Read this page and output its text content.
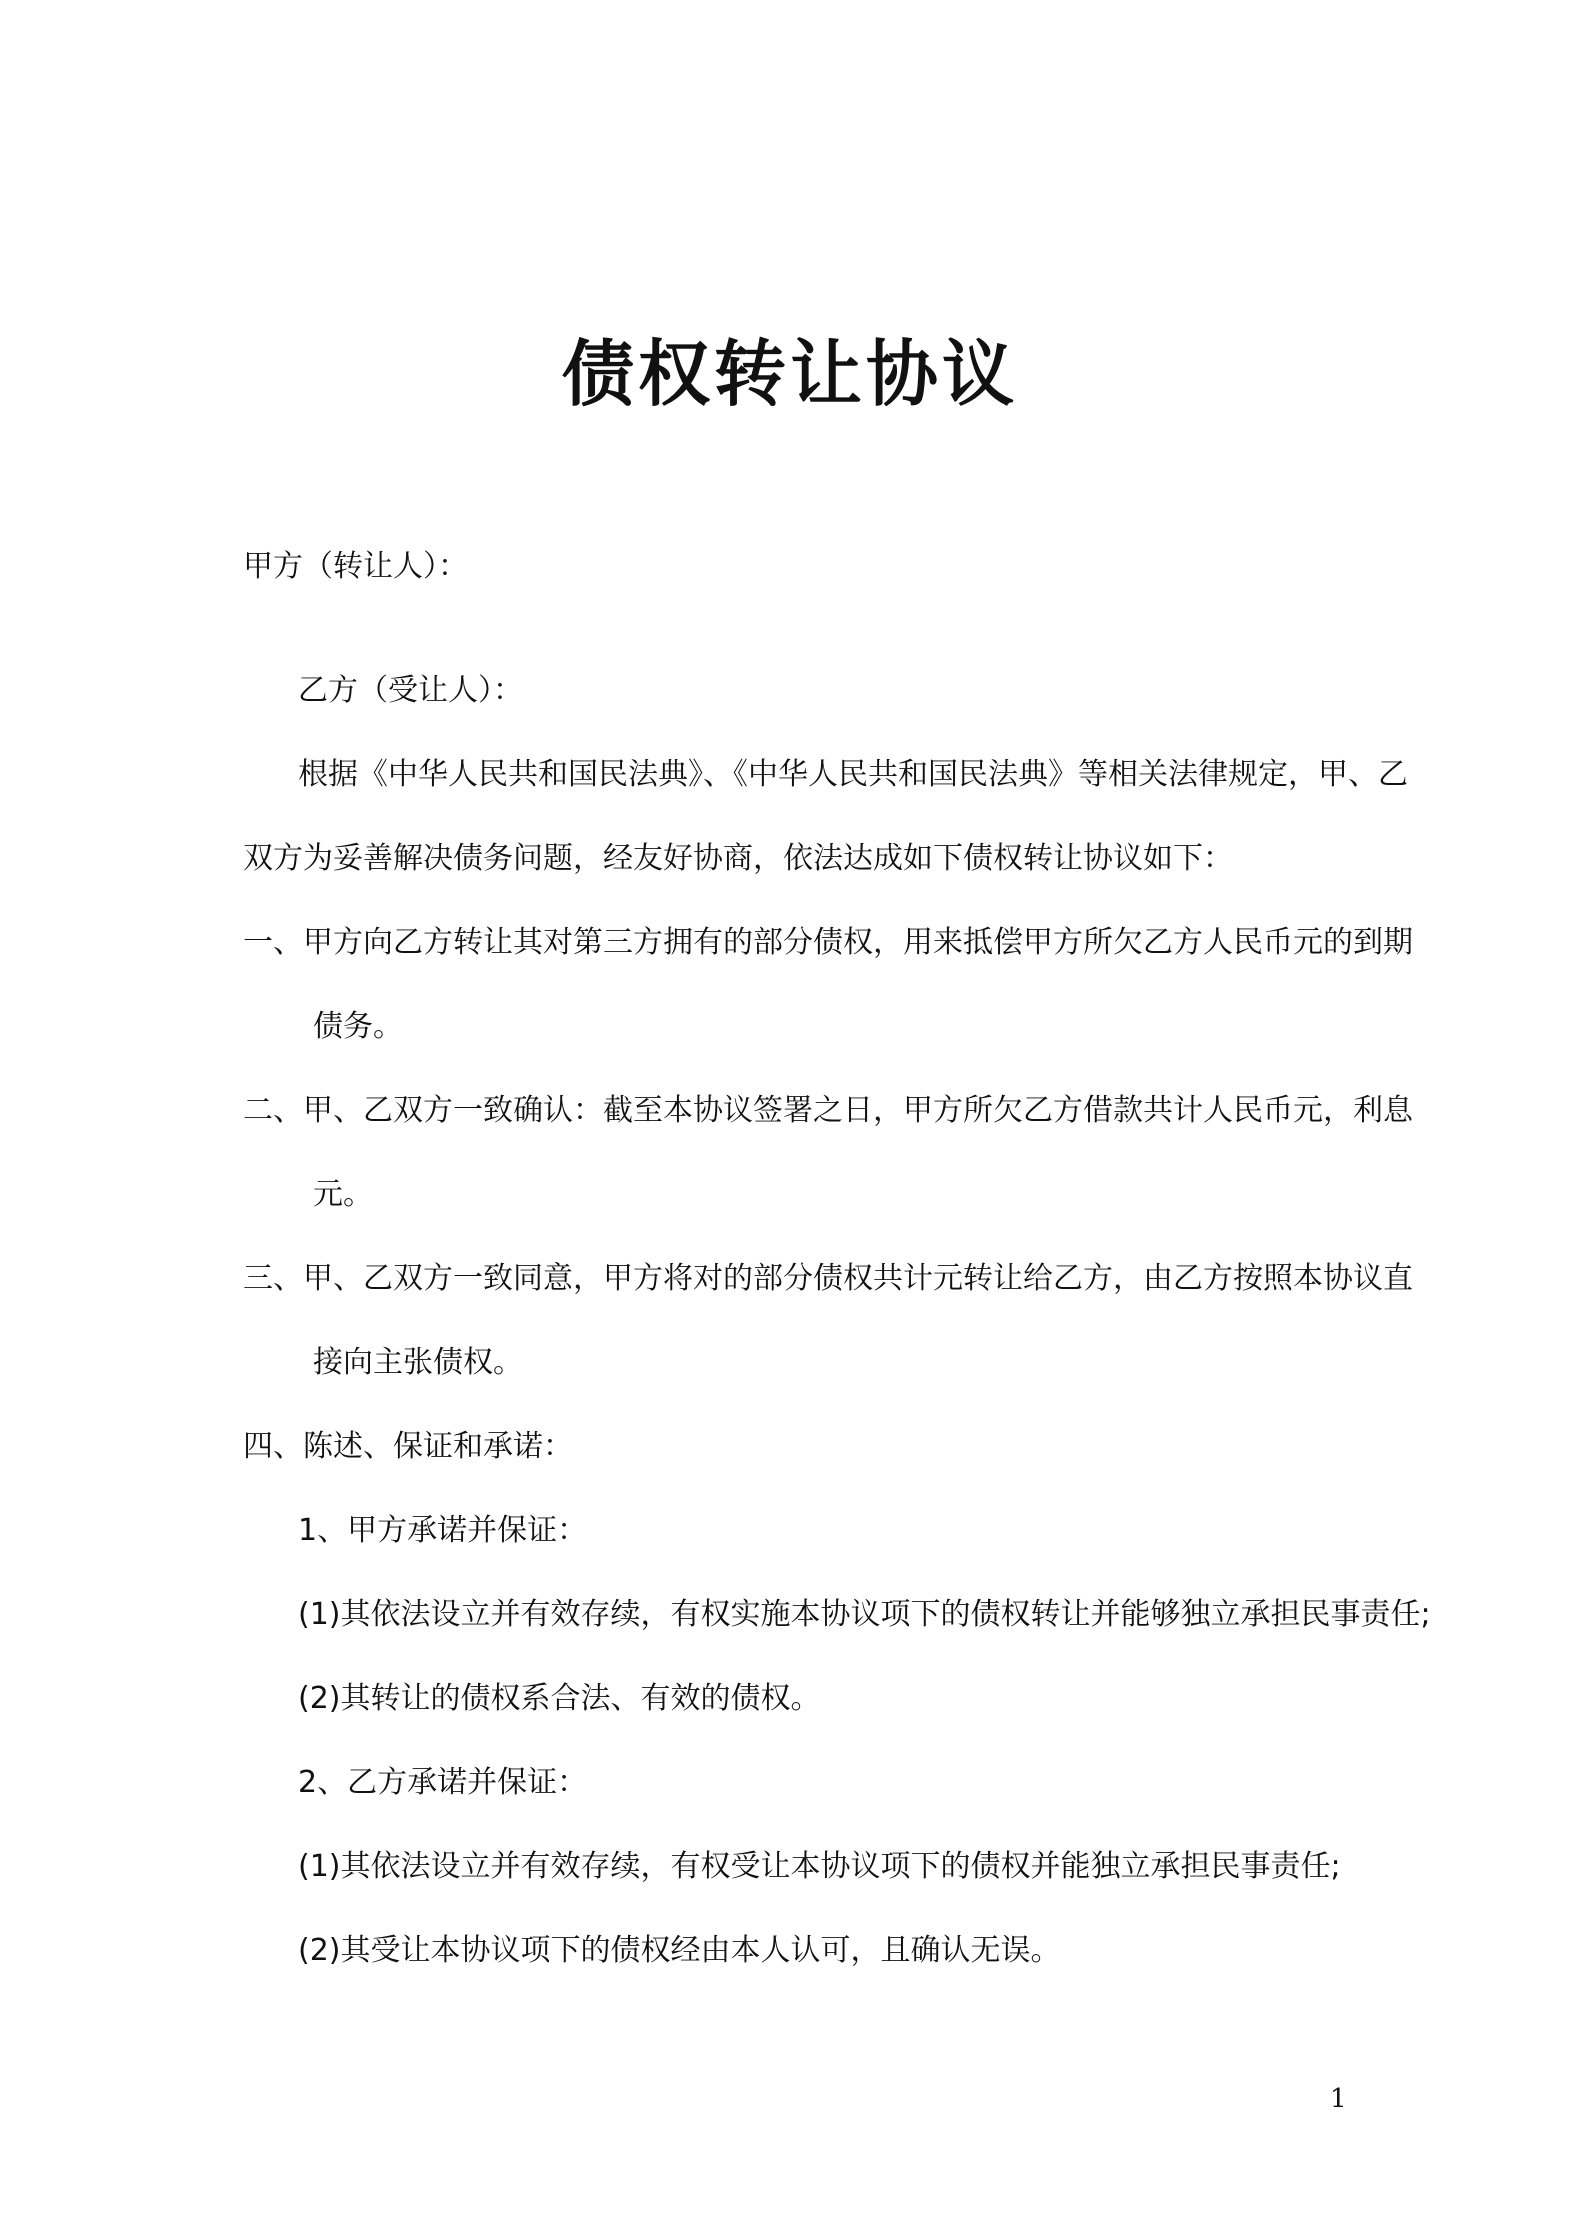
债权转让协议
甲方（转让人）：
乙方（受让人）：
根据《中华人民共和国民法典》、《中华人民共和国民法典》等相关法律规定，甲、乙
双方为妥善解决债务问题，经友好协商，依法达成如下债权转让协议如下：
一、甲方向乙方转让其对第三方拥有的部分债权，用来抵偿甲方所欠乙方人民币元的到期
债务。
二、甲、乙双方一致确认：截至本协议签署之日，甲方所欠乙方借款共计人民币元，利息
元。
三、甲、乙双方一致同意，甲方将对的部分债权共计元转让给乙方，由乙方按照本协议直
接向主张债权。
四、陈述、保证和承诺：
1、甲方承诺并保证：
(1)其依法设立并有效存续，有权实施本协议项下的债权转让并能够独立承担民事责任;
(2)其转让的债权系合法、有效的债权。
2、乙方承诺并保证：
(1)其依法设立并有效存续，有权受让本协议项下的债权并能独立承担民事责任;
(2)其受让本协议项下的债权经由本人认可，且确认无误。
1
